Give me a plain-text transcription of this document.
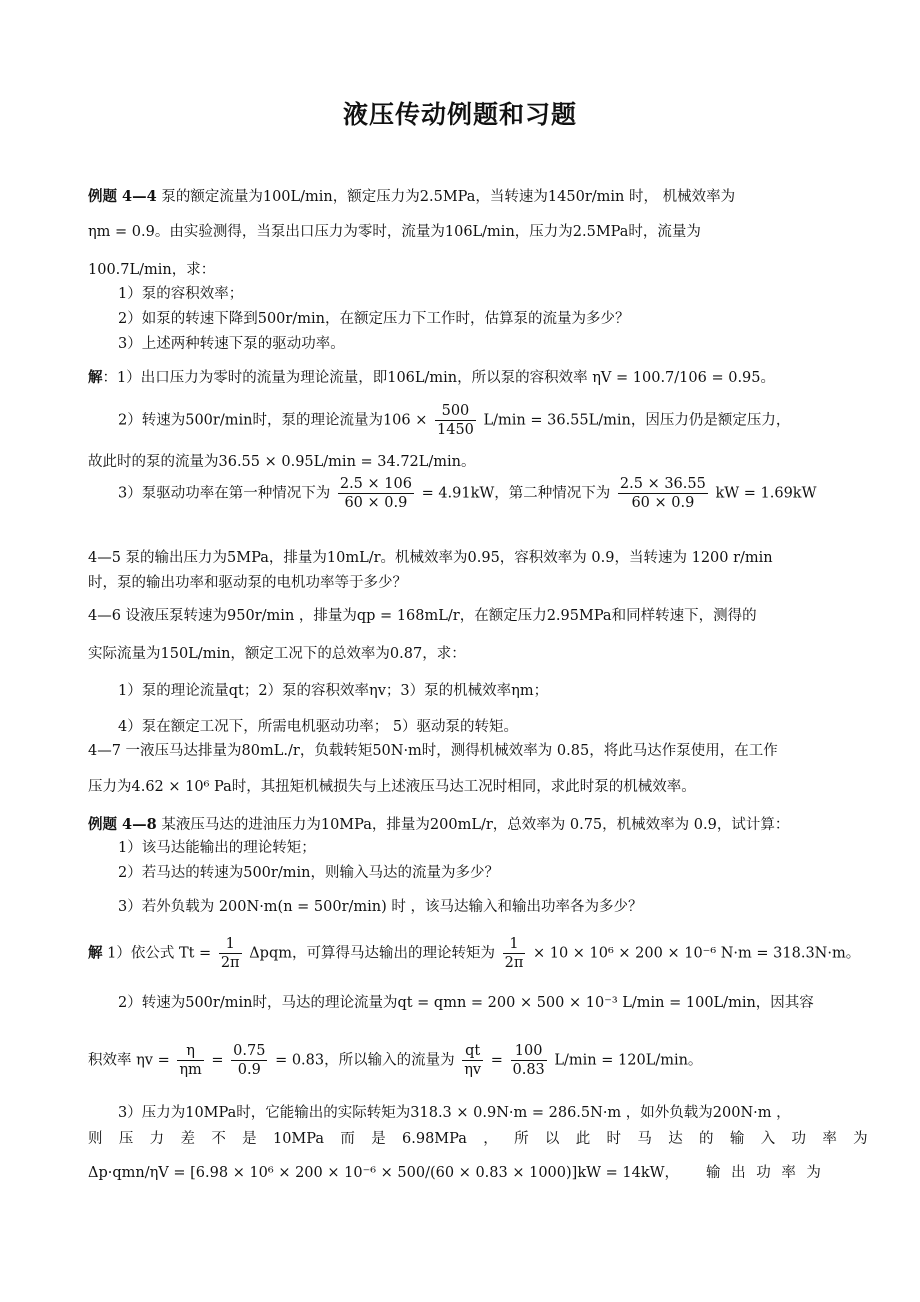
液压传动例题和习题
例题 4—4 泵的额定流量为100L/min，额定压力为2.5MPa，当转速为1450r/min 时， 机械效率为
ηm = 0.9。由实验测得，当泵出口压力为零时，流量为106L/min，压力为2.5MPa时，流量为
100.7L/min，求：
1）泵的容积效率；
2）如泵的转速下降到500r/min，在额定压力下工作时，估算泵的流量为多少？
3）上述两种转速下泵的驱动功率。
解：1）出口压力为零时的流量为理论流量，即106L/min，所以泵的容积效率 ηV = 100.7/106 = 0.95。
2）转速为500r/min时，泵的理论流量为$106 \times \frac{500}{1450} L/\min = 36.55L/\min$，因压力仍是额定压力，
故此时的泵的流量为36.55 × 0.95L/min = 34.72L/min。
3）泵驱动功率在第一种情况下为 $\frac{2.5 \times 106}{60 \times 0.9} = 4.91kW$，第二种情况下为 $\frac{2.5 \times 36.55}{60 \times 0.9}$ kW = 1.69kW
4—5 泵的输出压力为5MPa，排量为10mL/r。机械效率为0.95，容积效率为 0.9，当转速为 1200 r/min
时，泵的输出功率和驱动泵的电机功率等于多少？
4—6 设液压泵转速为950r/min ，排量为qp = 168mL/r，在额定压力2.95MPa和同样转速下，测得的
实际流量为150L/min，额定工况下的总效率为0.87，求：
1）泵的理论流量qt；2）泵的容积效率ηv；3）泵的机械效率ηm；
4）泵在额定工况下，所需电机驱动功率； 5）驱动泵的转矩。
4—7 一液压马达排量为80mL./r，负载转矩50N·m时，测得机械效率为 0.85，将此马达作泵使用，在工作
压力为4.62 × 10⁶ Pa时，其扭矩机械损失与上述液压马达工况时相同，求此时泵的机械效率。
例题 4—8 某液压马达的进油压力为10MPa，排量为200mL/r，总效率为 0.75，机械效率为 0.9，试计算：
1）该马达能输出的理论转矩；
2）若马达的转速为500r/min，则输入马达的流量为多少？
3）若外负载为 200N·m(n = 500r/min) 时 ，该马达输入和输出功率各为多少？
解 1）依公式 $Tt = \frac{1}{2\pi}$ Δpqm，可算得马达输出的理论转矩为 $\frac{1}{2\pi} \times 10 \times 10^6 \times 200 \times 10^{-6}$ N·m = 318.3N·m。
2）转速为500r/min时，马达的理论流量为qt = qmn = 200 × 500 × 10⁻³ L/min = 100L/min，因其容
积效率 $\eta v = \frac{\eta}{\eta m} = \frac{0.75}{0.9} = 0.83$，所以输入的流量为 $\frac{qt}{\eta v} = \frac{100}{0.83} L/\min = 120L/\min$。
3）压力为10MPa时，它能输出的实际转矩为318.3 × 0.9N·m = 286.5N·m ，如外负载为200N·m ，
则 压 力 差 不 是 10MPa 而 是 6.98MPa ， 所 以 此 时 马 达 的 输 入 功 率 为
Δp·qmn/ηV = [6.98 × 10⁶ × 200 × 10⁻⁶ × 500/(60 × 0.83 × 1000)]kW = 14kW， 输 出 功 率 为
